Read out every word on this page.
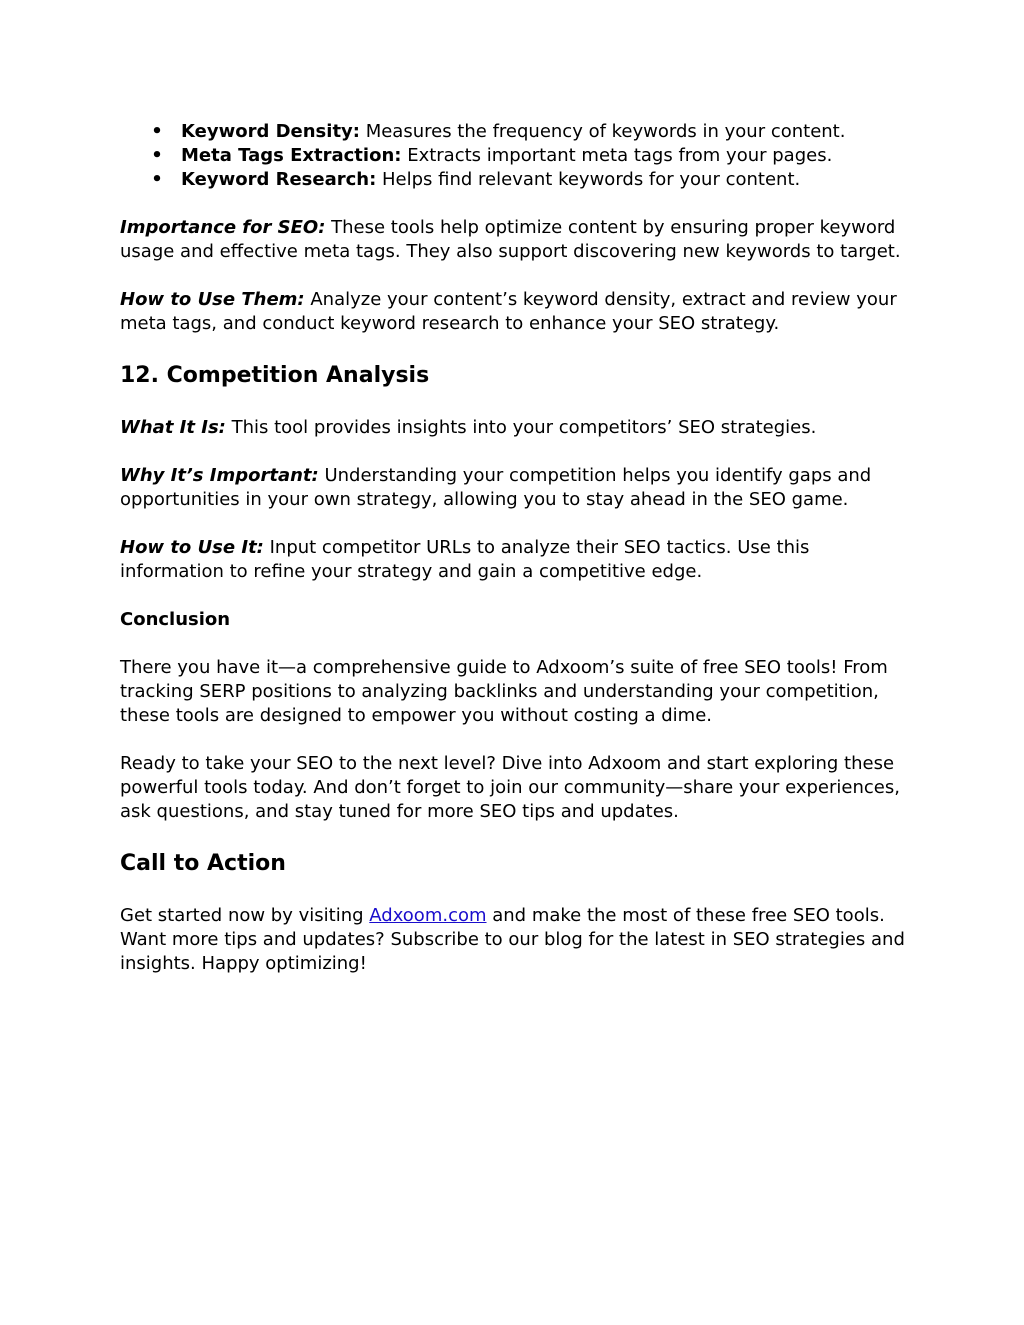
• Keyword Density: Measures the frequency of keywords in your content.
• Meta Tags Extraction: Extracts important meta tags from your pages.
• Keyword Research: Helps find relevant keywords for your content.

Importance for SEO: These tools help optimize content by ensuring proper keyword usage and effective meta tags. They also support discovering new keywords to target.

How to Use Them: Analyze your content’s keyword density, extract and review your meta tags, and conduct keyword research to enhance your SEO strategy.

12. Competition Analysis

What It Is: This tool provides insights into your competitors’ SEO strategies.

Why It’s Important: Understanding your competition helps you identify gaps and opportunities in your own strategy, allowing you to stay ahead in the SEO game.

How to Use It: Input competitor URLs to analyze their SEO tactics. Use this information to refine your strategy and gain a competitive edge.

Conclusion

There you have it—a comprehensive guide to Adxoom’s suite of free SEO tools! From tracking SERP positions to analyzing backlinks and understanding your competition, these tools are designed to empower you without costing a dime.

Ready to take your SEO to the next level? Dive into Adxoom and start exploring these powerful tools today. And don’t forget to join our community—share your experiences, ask questions, and stay tuned for more SEO tips and updates.

Call to Action

Get started now by visiting Adxoom.com and make the most of these free SEO tools. Want more tips and updates? Subscribe to our blog for the latest in SEO strategies and insights. Happy optimizing!
